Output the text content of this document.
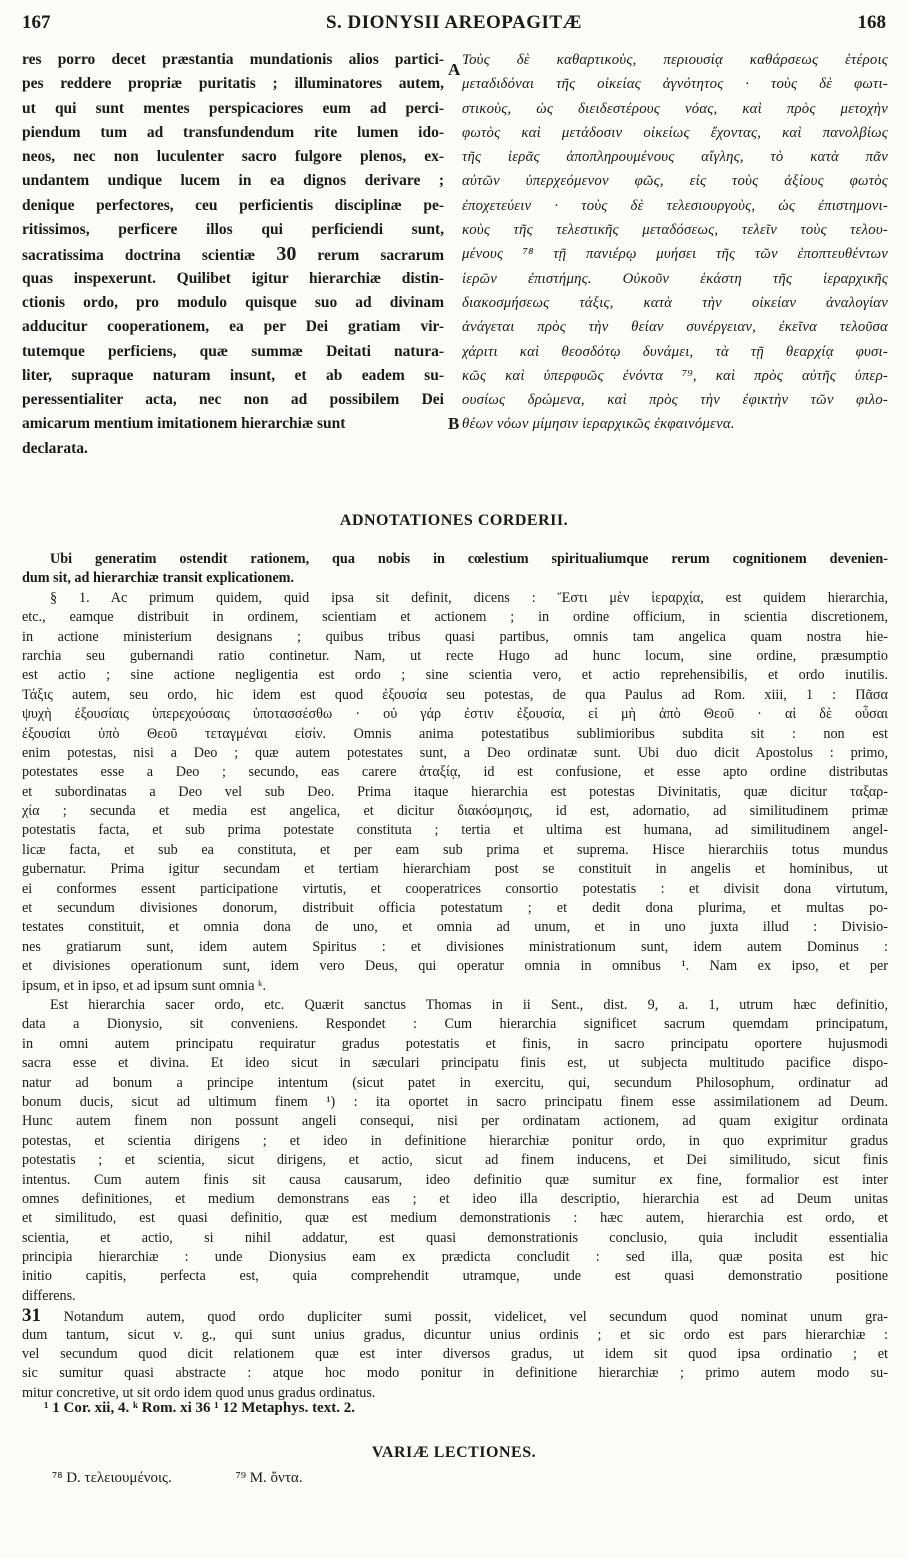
167	S. DIONYSII AREOPAGITÆ	168
res porro decet præstantia mundationis alios partici-
pes reddere propriæ puritatis ; illuminatores autem,
ut qui sunt mentes perspicaciores eum ad perci-
piendum tum ad transfundendum rite lumen ido-
neos, nec non luculenter sacro fulgore plenos, ex-
undantem undique lucem in ea dignos derivare ;
denique perfectores, ceu perficientis disciplinæ pe-
ritissimos, perficere illos qui perficiendi sunt,
sacratissima doctrina scientiæ 30 rerum sacrarum
quas inspexerunt. Quilibet igitur hierarchiæ distin-
ctionis ordo, pro modulo quisque suo ad divinam
adducitur cooperationem, ea per Dei gratiam vir-
tutemque perficiens, quæ summæ Deitati natura-
liter, supraque naturam insunt, et ab eadem su-
peressentialiter acta, nec non ad possibilem Dei
amicarum mentium imitationem hierarchiæ sunt
declarata.
A
B
Τοὺς δὲ καθαρτικοὺς, περιουσίᾳ καθάρσεως ἑτέροις
μεταδιδόναι τῆς οἰκείας ἁγνότητος · τοὺς δὲ φωτι-
στικοὺς, ὡς διειδεστέρους νόας, καὶ πρὸς μετοχὴν
φωτὸς καὶ μετάδοσιν οἰκείως ἔχοντας, καὶ πανολβίως
τῆς ἱερᾶς ἀποπληρουμένους αἴγλης, τὸ κατὰ πᾶν
αὐτῶν ὑπερχεόμενον φῶς, εἰς τοὺς ἀξίους φωτὸς
ἐποχετεύειν · τοὺς δὲ τελεσιουργοὺς, ὡς ἐπιστημονι-
κοὺς τῆς τελεστικῆς μεταδόσεως, τελεῖν τοὺς τελου-
μένους ⁷⁸ τῇ πανιέρῳ μυήσει τῆς τῶν ἐποπτευθέντων
ἱερῶν ἐπιστήμης. Οὐκοῦν ἑκάστη τῆς ἱεραρχικῆς
διακοσμήσεως τάξις, κατὰ τὴν οἰκείαν ἀναλογίαν
ἀνάγεται πρὸς τὴν θείαν συνέργειαν, ἐκεῖνα τελοῦσα
χάριτι καὶ θεοσδότῳ δυνάμει, τὰ τῇ θεαρχίᾳ φυσι-
κῶς καὶ ὑπερφυῶς ἐνόντα ⁷⁹, καὶ πρὸς αὐτῆς ὑπερ-
ουσίως δρώμενα, καὶ πρὸς τὴν ἐφικτὴν τῶν φιλο-
θέων νόων μίμησιν ἱεραρχικῶς ἐκφαινόμενα.
ADNOTATIONES CORDERII.
Ubi generatim ostendit rationem, qua nobis in cœlestium spiritualiumque rerum cognitionem devenien-
dum sit, ad hierarchiæ transit explicationem.
§ 1. Ac primum quidem, quid ipsa sit definit, dicens : Ἔστι μὲν ἱεραρχία, est quidem hierarchia,
etc., eamque distribuit in ordinem, scientiam et actionem ; in ordine officium, in scientia discretionem,
in actione ministerium designans ; quibus tribus quasi partibus, omnis tam angelica quam nostra hie-
rarchia seu gubernandi ratio continetur. Nam, ut recte Hugo ad hunc locum, sine ordine, præsumptio
est actio ; sine actione negligentia est ordo ; sine scientia vero, et actio reprehensibilis, et ordo inutilis.
Τάξις autem, seu ordo, hic idem est quod ἐξουσία seu potestas, de qua Paulus ad Rom. xiii, 1 : Πᾶσα
ψυχὴ ἐξουσίαις ὑπερεχούσαις ὑποτασσέσθω · οὐ γάρ ἐστιν ἐξουσία, εἰ μὴ ἀπὸ Θεοῦ · αἱ δὲ οὖσαι
ἐξουσίαι ὑπὸ Θεοῦ τεταγμέναι εἰσίν. Omnis anima potestatibus sublimioribus subdita sit : non est
enim potestas, nisi a Deo ; quæ autem potestates sunt, a Deo ordinatæ sunt. Ubi duo dicit Apostolus : primo,
potestates esse a Deo ; secundo, eas carere ἀταξίᾳ, id est confusione, et esse apto ordine distributas
et subordinatas a Deo vel sub Deo. Prima itaque hierarchia est potestas Divinitatis, quæ dicitur ταξαρ-
χία ; secunda et media est angelica, et dicitur διακόσμησις, id est, adornatio, ad similitudinem primæ
potestatis facta, et sub prima potestate constituta ; tertia et ultima est humana, ad similitudinem angel-
licæ facta, et sub ea constituta, et per eam sub prima et suprema. Hisce hierarchiis totus mundus
gubernatur. Prima igitur secundam et tertiam hierarchiam post se constituit in angelis et hominibus, ut
ei conformes essent participatione virtutis, et cooperatrices consortio potestatis : et divisit dona virtutum,
et secundum divisiones donorum, distribuit officia potestatum ; et dedit dona plurima, et multas po-
testates constituit, et omnia dona de uno, et omnia ad unum, et in uno juxta illud : Divisio-
nes gratiarum sunt, idem autem Spiritus : et divisiones ministrationum sunt, idem autem Dominus :
et divisiones operationum sunt, idem vero Deus, qui operatur omnia in omnibus ¹. Nam ex ipso, et per
ipsum, et in ipso, et ad ipsum sunt omnia ᵏ.
Est hierarchia sacer ordo, etc. Quærit sanctus Thomas in ii Sent., dist. 9, a. 1, utrum hæc definitio,
data a Dionysio, sit conveniens. Respondet : Cum hierarchia significet sacrum quemdam principatum,
in omni autem principatu requiratur gradus potestatis et finis, in sacro principatu oportere hujusmodi
sacra esse et divina. Et ideo sicut in sæculari principatu finis est, ut subjecta multitudo pacifice dispo-
natur ad bonum a principe intentum (sicut patet in exercitu, qui, secundum Philosophum, ordinatur ad
bonum ducis, sicut ad ultimum finem ¹) : ita oportet in sacro principatu finem esse assimilationem ad Deum.
Hunc autem finem non possunt angeli consequi, nisi per ordinatam actionem, ad quam exigitur ordinata
potestas, et scientia dirigens ; et ideo in definitione hierarchiæ ponitur ordo, in quo exprimitur gradus
potestatis ; et scientia, sicut dirigens, et actio, sicut ad finem inducens, et Dei similitudo, sicut finis
intentus. Cum autem finis sit causa causarum, ideo definitio quæ sumitur ex fine, formalior est inter
omnes definitiones, et medium demonstrans eas ; et ideo illa descriptio, hierarchia est ad Deum unitas
et similitudo, est quasi definitio, quæ est medium demonstrationis : hæc autem, hierarchia est ordo, et
scientia, et actio, si nihil addatur, est quasi demonstrationis conclusio, quia includit essentialia
principia hierarchiæ : unde Dionysius eam ex prædicta concludit : sed illa, quæ posita est hic
initio capitis, perfecta est, quia comprehendit utramque, unde est quasi demonstratio positione
differens.
31 Notandum autem, quod ordo dupliciter sumi possit, videlicet, vel secundum quod nominat unum gra-
dum tantum, sicut v. g., qui sunt unius gradus, dicuntur unius ordinis ; et sic ordo est pars hierarchiæ :
vel secundum quod dicit relationem quæ est inter diversos gradus, ut idem sit quod ipsa ordinatio ; et
sic sumitur quasi abstracte : atque hoc modo ponitur in definitione hierarchiæ ; primo autem modo su-
mitur concretive, ut sit ordo idem quod unus gradus ordinatus.
¹ 1 Cor. xii, 4. ᵏ Rom. xi 36 ¹ 12 Metaphys. text. 2.
VARIÆ LECTIONES.
⁷⁸ D. τελειουμένοις.	⁷⁹ M. ὄντα.
